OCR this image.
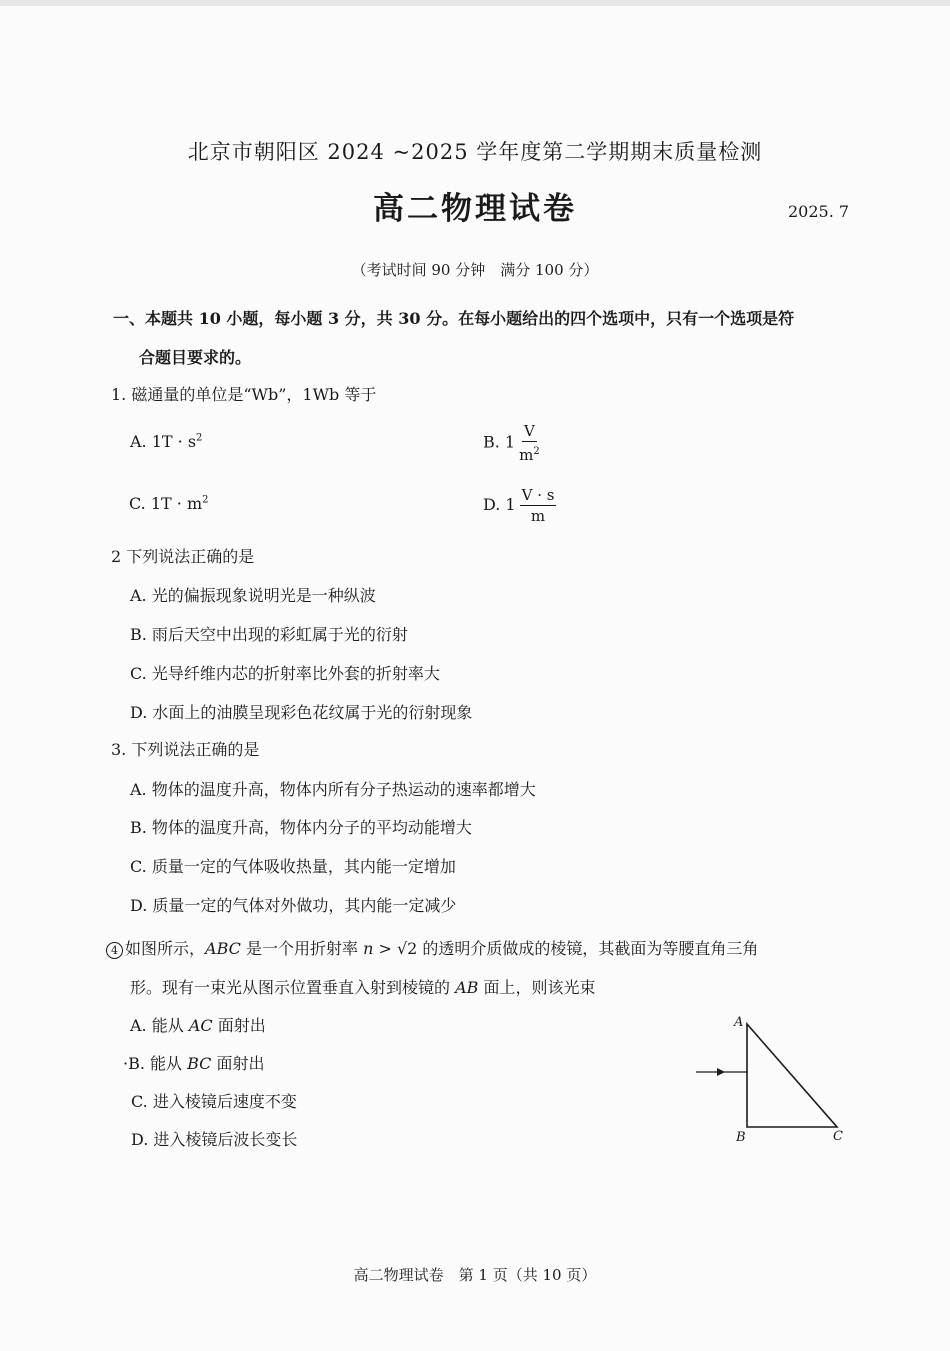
北京市朝阳区 2024 ~2025 学年度第二学期期末质量检测
高二物理试卷	2025. 7
（考试时间 90 分钟　满分 100 分）
一、本题共 10 小题，每小题 3 分，共 30 分。在每小题给出的四个选项中，只有一个选项是符
合题目要求的。
1. 磁通量的单位是“Wb”，1Wb 等于
A. $1T \cdot s^2$	B. $1 \frac{V}{m^2}$
C. $1T \cdot m^2$	D. $1 \frac{V \cdot s}{m}$
2 下列说法正确的是
A. 光的偏振现象说明光是一种纵波
B. 雨后天空中出现的彩虹属于光的衍射
C. 光导纤维内芯的折射率比外套的折射率大
D. 水面上的油膜呈现彩色花纹属于光的衍射现象
3. 下列说法正确的是
A. 物体的温度升高，物体内所有分子热运动的速率都增大
B. 物体的温度升高，物体内分子的平均动能增大
C. 质量一定的气体吸收热量，其内能一定增加
D. 质量一定的气体对外做功，其内能一定减少
4 如图所示，ABC 是一个用折射率 n > √2 的透明介质做成的棱镜，其截面为等腰直角三角
形。现有一束光从图示位置垂直入射到棱镜的 AB 面上，则该光束
A. 能从 AC 面射出
·B. 能从 BC 面射出
C. 进入棱镜后速度不变
D. 进入棱镜后波长变长
A
B	C
高二物理试卷　第 1 页（共 10 页）
